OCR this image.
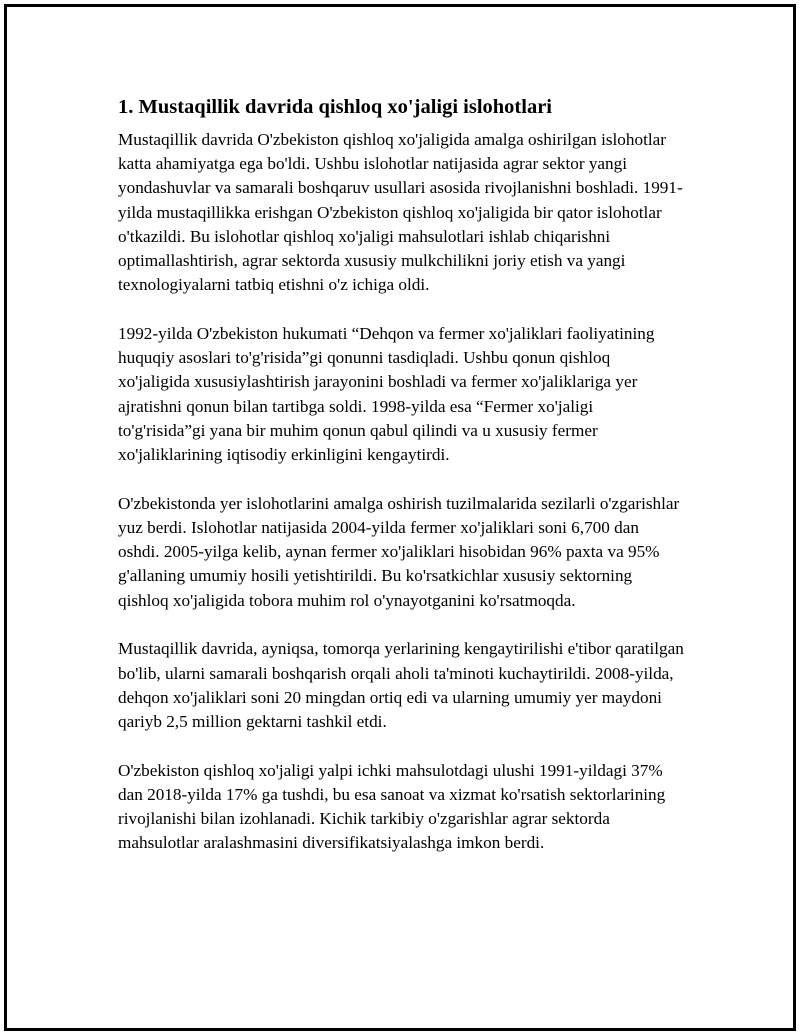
1. Mustaqillik davrida qishloq xo'jaligi islohotlari

Mustaqillik davrida O'zbekiston qishloq xo'jaligida amalga oshirilgan islohotlar katta ahamiyatga ega bo'ldi. Ushbu islohotlar natijasida agrar sektor yangi yondashuvlar va samarali boshqaruv usullari asosida rivojlanishni boshladi. 1991-yilda mustaqillikka erishgan O'zbekiston qishloq xo'jaligida bir qator islohotlar o'tkazildi. Bu islohotlar qishloq xo'jaligi mahsulotlari ishlab chiqarishni optimallashtirish, agrar sektorda xususiy mulkchilikni joriy etish va yangi texnologiyalarni tatbiq etishni o'z ichiga oldi.

1992-yilda O'zbekiston hukumati “Dehqon va fermer xo'jaliklari faoliyatining huquqiy asoslari to'g'risida”gi qonunni tasdiqladi. Ushbu qonun qishloq xo'jaligida xususiylashtirish jarayonini boshladi va fermer xo'jaliklariga yer ajratishni qonun bilan tartibga soldi. 1998-yilda esa “Fermer xo'jaligi to'g'risida”gi yana bir muhim qonun qabul qilindi va u xususiy fermer xo'jaliklarining iqtisodiy erkinligini kengaytirdi.

O'zbekistonda yer islohotlarini amalga oshirish tuzilmalarida sezilarli o'zgarishlar yuz berdi. Islohotlar natijasida 2004-yilda fermer xo'jaliklari soni 6,700 dan oshdi. 2005-yilga kelib, aynan fermer xo'jaliklari hisobidan 96% paxta va 95% g'allaning umumiy hosili yetishtirildi. Bu ko'rsatkichlar xususiy sektorning qishloq xo'jaligida tobora muhim rol o'ynayotganini ko'rsatmoqda.

Mustaqillik davrida, ayniqsa, tomorqa yerlarining kengaytirilishi e'tibor qaratilgan bo'lib, ularni samarali boshqarish orqali aholi ta'minoti kuchaytirildi. 2008-yilda, dehqon xo'jaliklari soni 20 mingdan ortiq edi va ularning umumiy yer maydoni qariyb 2,5 million gektarni tashkil etdi.

O'zbekiston qishloq xo'jaligi yalpi ichki mahsulotdagi ulushi 1991-yildagi 37% dan 2018-yilda 17% ga tushdi, bu esa sanoat va xizmat ko'rsatish sektorlarining rivojlanishi bilan izohlanadi. Kichik tarkibiy o'zgarishlar agrar sektorda mahsulotlar aralashmasini diversifikatsiyalashga imkon berdi.
